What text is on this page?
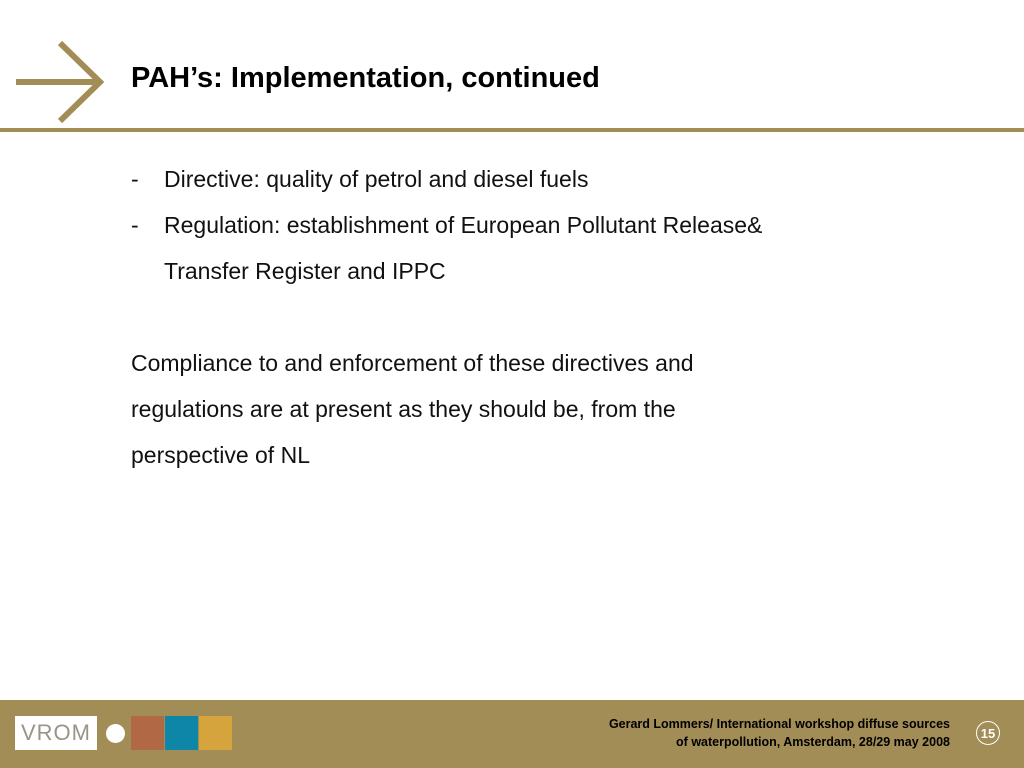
PAH’s: Implementation, continued
- Directive: quality of petrol and diesel fuels
- Regulation: establishment of European Pollutant Release&
Transfer Register and IPPC
Compliance to and enforcement of these directives and
regulations are at present as they should be, from the
perspective of NL
VROM	Gerard Lommers/ International workshop diffuse sources
of waterpollution, Amsterdam, 28/29 may 2008
15
